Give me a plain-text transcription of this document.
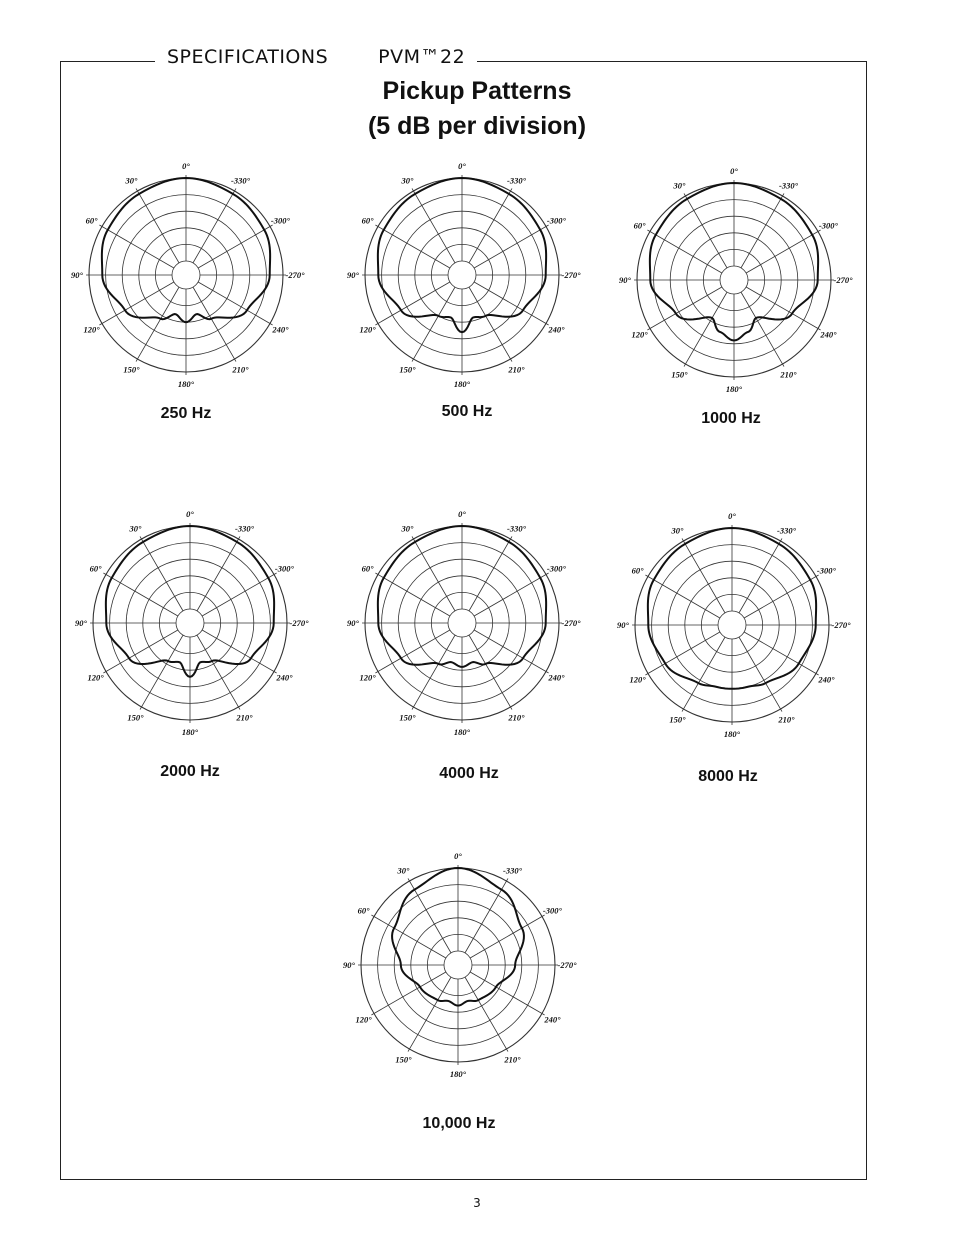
SPECIFICATIONS	PVM™22
Pickup Patterns
(5 dB per division)
0°
-330°
-300°
-270°
240°
210°
180°
150°
120°
90°
60°
30°
0°
-330°
-300°
-270°
240°
210°
180°
150°
120°
90°
60°
30°
0°
-330°
-300°
-270°
240°
210°
180°
150°
120°
90°
60°
30°
0°
-330°
-300°
-270°
240°
210°
180°
150°
120°
90°
60°
30°
0°
-330°
-300°
-270°
240°
210°
180°
150°
120°
90°
60°
30°
0°
-330°
-300°
-270°
240°
210°
180°
150°
120°
90°
60°
30°
0°
-330°
-300°
-270°
240°
210°
180°
150°
120°
90°
60°
30°
250 Hz	500 Hz	1000 Hz
2000 Hz	4000 Hz	8000 Hz
10,000 Hz
3
